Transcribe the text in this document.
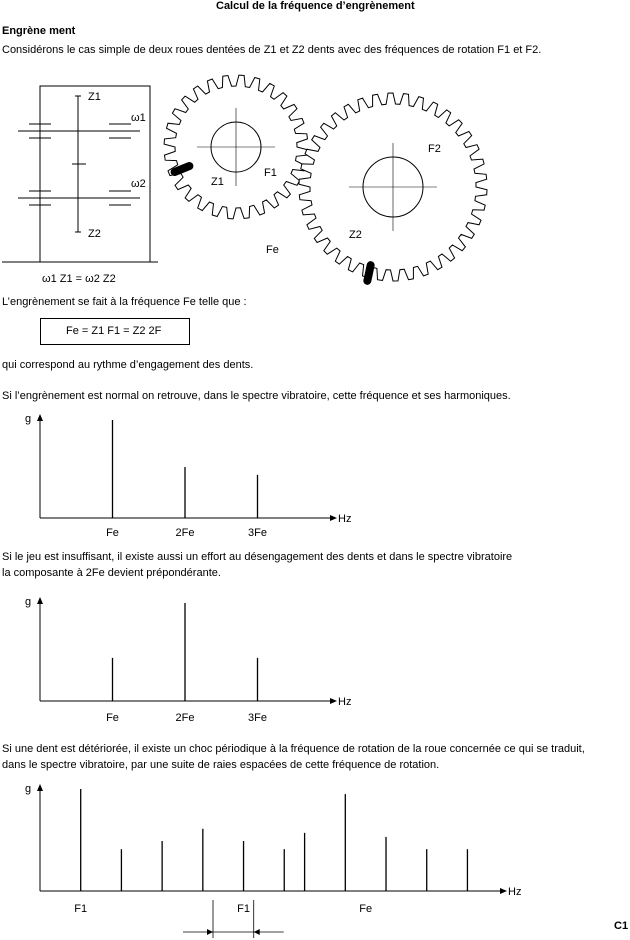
Calcul de la fréquence d’engrènement
Engrène ment
Considérons le cas simple de deux roues dentées de Z1 et Z2 dents avec des fréquences de rotation F1 et F2.
Z1
Z2
ω1
ω2
ω1 Z1 = ω2 Z2
F1
F2
Z1
Z2
Fe
L’engrènement se fait à la fréquence Fe telle que :
Fe = Z1 F1 = Z2 2F
qui correspond au rythme d’engagement des dents.
Si l’engrènement est normal on retrouve, dans le spectre vibratoire, cette fréquence et ses harmoniques.
Si le jeu est insuffisant, il existe aussi un effort au désengagement des dents et dans le spectre vibratoire
la composante à 2Fe devient prépondérante.
Si une dent est détériorée, il existe un choc périodique à la fréquence de rotation de la roue concernée ce qui se traduit,
dans le spectre vibratoire, par une suite de raies espacées de cette fréquence de rotation.
C1
g
Hz
Fe	2Fe	3Fe
g
Hz
Fe	2Fe	3Fe
g
Hz
F1	F1	Fe
